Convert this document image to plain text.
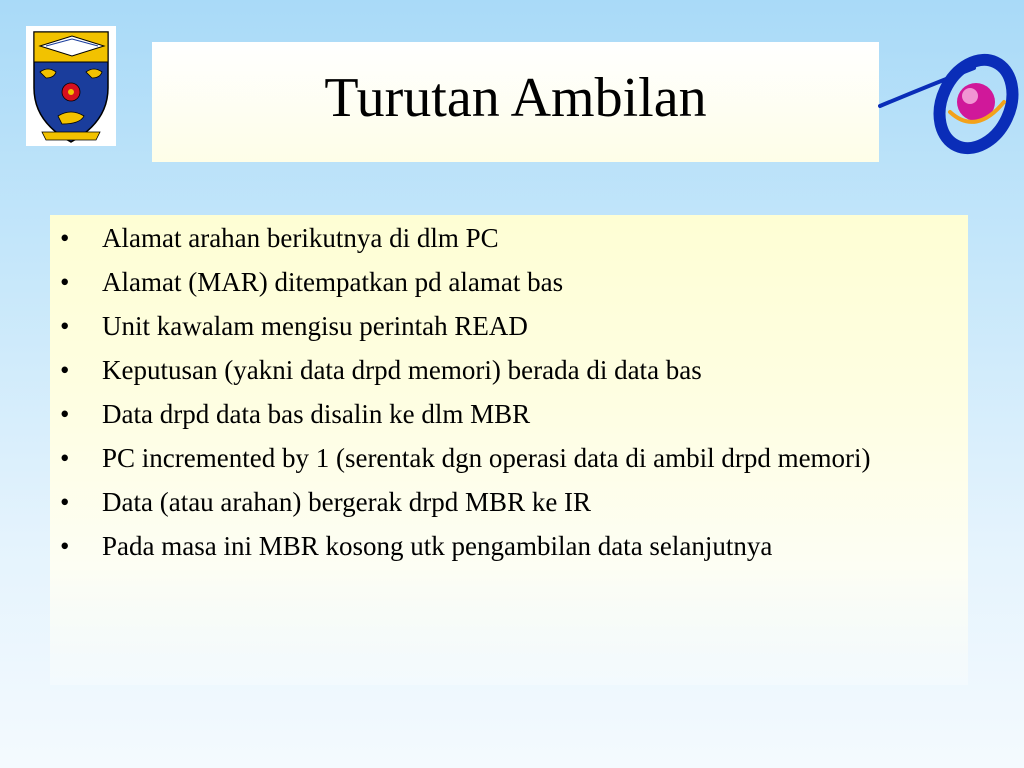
Turutan Ambilan
•	Alamat arahan berikutnya di dlm PC
•	Alamat (MAR) ditempatkan pd alamat bas
•	Unit kawalam mengisu perintah READ
•	Keputusan (yakni data drpd memori) berada di data bas
•	Data drpd data bas disalin ke dlm MBR
•	PC incremented by 1 (serentak dgn operasi data di ambil drpd memori)
•	Data (atau arahan) bergerak drpd MBR ke IR
•	Pada masa ini MBR kosong utk pengambilan data selanjutnya
